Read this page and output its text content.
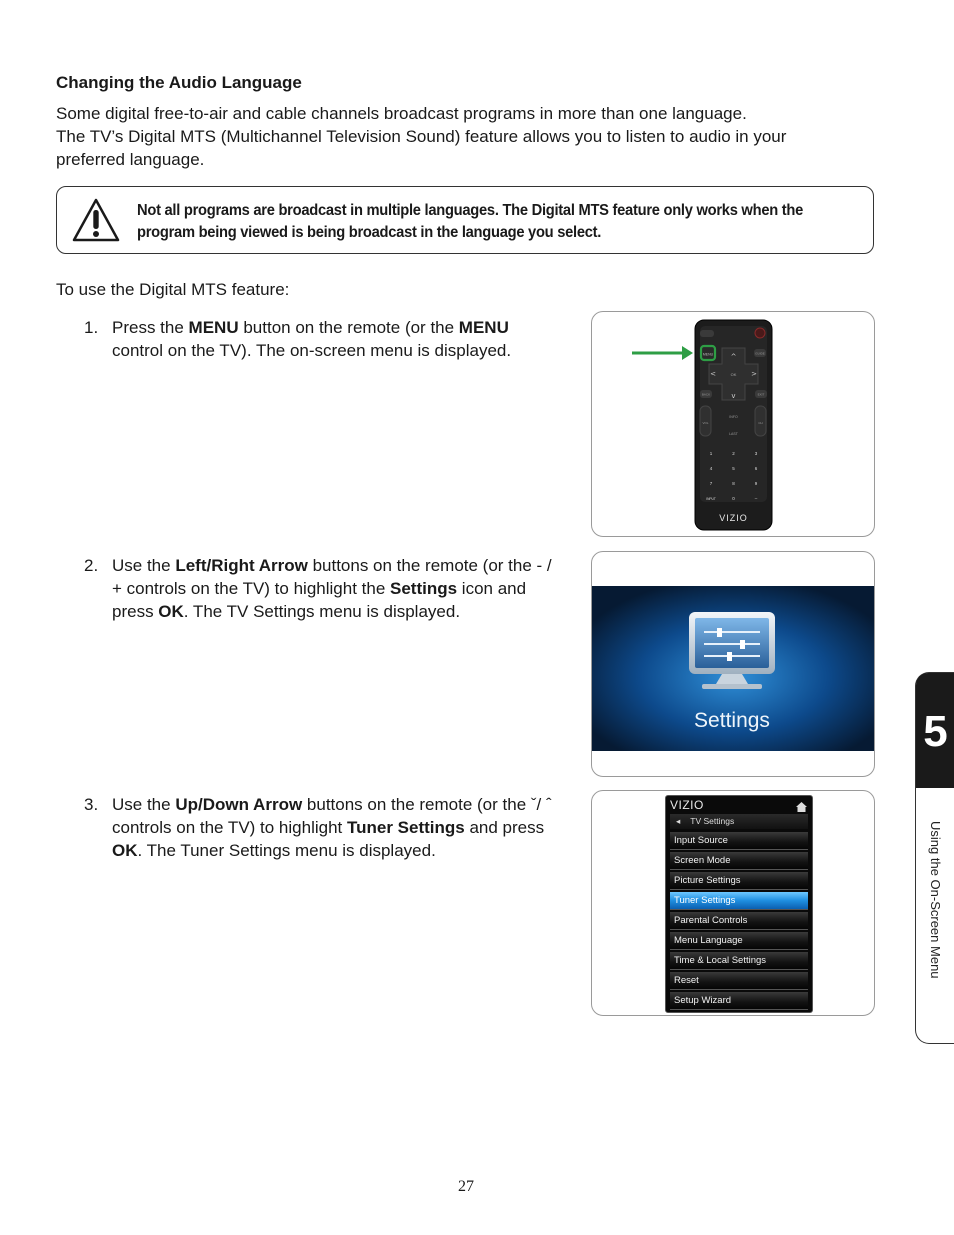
Changing the Audio Language

Some digital free-to-air and cable channels broadcast programs in more than one language.

The TV’s Digital MTS (Multichannel Television Sound) feature allows you to listen to audio in your

preferred language.

Not all programs are broadcast in multiple languages. The Digital MTS feature only works when the program being viewed is being broadcast in the language you select.
To use the Digital MTS feature:
1. Press the MENU button on the remote (or the MENU control on the TV). The on-screen menu is displayed.
2. Use the Left/Right Arrow buttons on the remote (or the - / + controls on the TV) to highlight the Settings icon and press OK. The TV Settings menu is displayed.
3. Use the Up/Down Arrow buttons on the remote (or the ˇ/ ˆ controls on the TV) to highlight Tuner Settings and press OK. The Tuner Settings menu is displayed.
MENU	GUIDE
OK
^
v
<	>
BACK	EXIT
VOL	CH
INFO
LAST
1	2	3
4	5	6
7	8	9
INPUT	0	–
VIZIO
Settings
VIZIO
◂ TV Settings
Input Source
Screen Mode
Picture Settings
Tuner Settings
Parental Controls
Menu Language
Time & Local Settings
Reset
Setup Wizard
5
Using the On-Screen Menu
27
